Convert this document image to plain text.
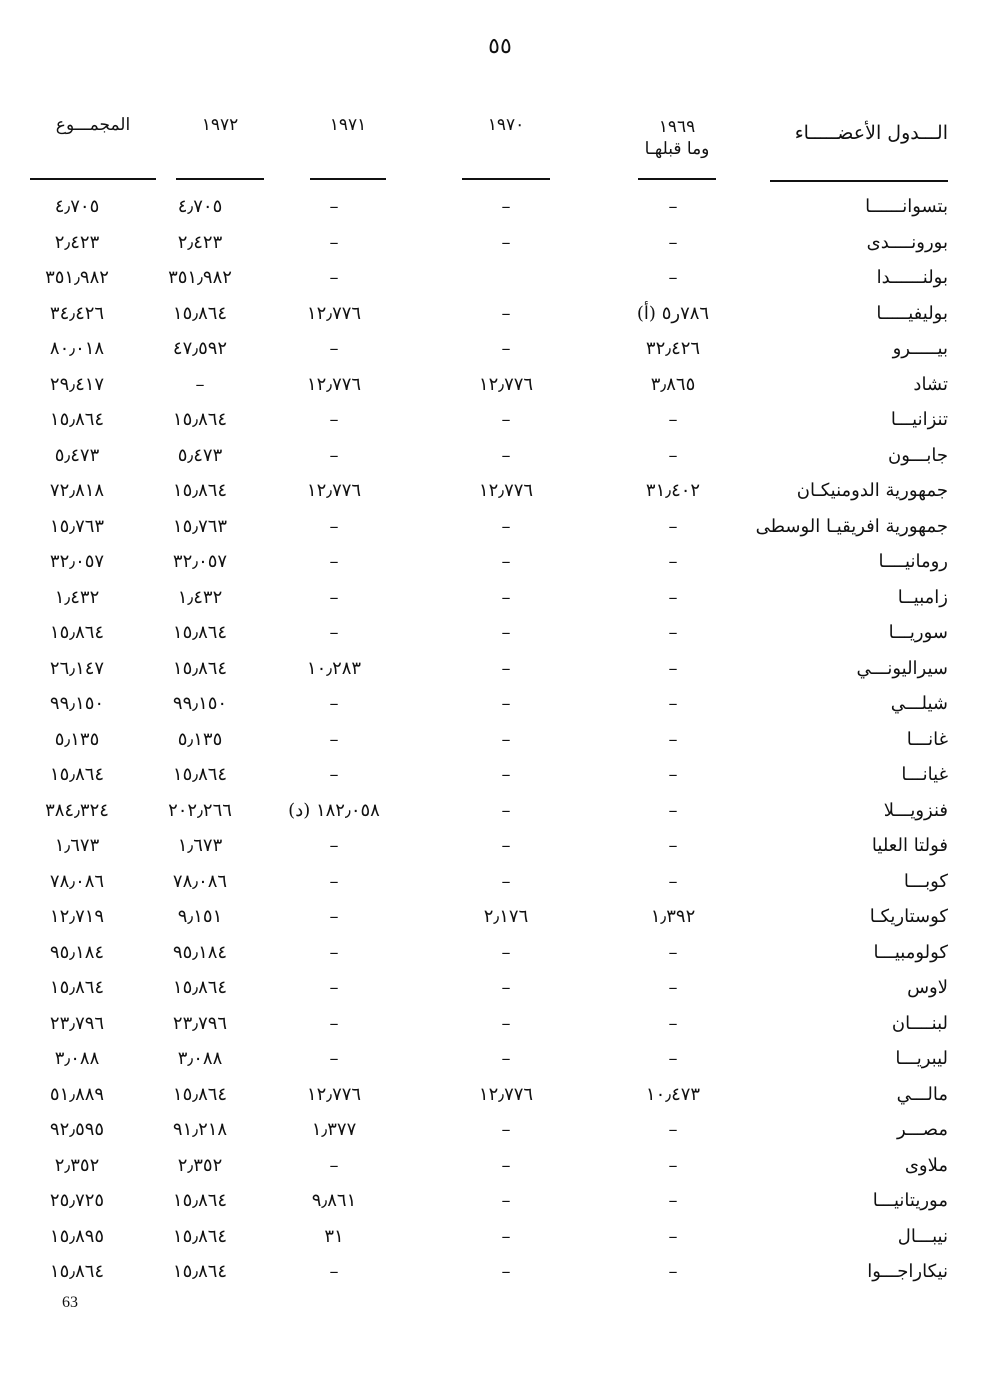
٥٥
الـــدول الأعضـــــاء
١٩٦٩
وما قبلهـا
١٩٧٠
١٩٧١
١٩٧٢
المجمـــوع
بتسوانــــــا
–
–
–
٤٫٧٠٥
٤٫٧٠٥
بورونــــدى
–
–
–
٢٫٤٢٣
٢٫٤٢٣
بولنــــــدا
–
–
٣٥١٫٩٨٢
٣٥١٫٩٨٢
بوليفيـــــا
٧٨٦ر٥ (أ)
–
١٢٫٧٧٦
١٥٫٨٦٤
٣٤٫٤٢٦
بيـــــرو
٣٢٫٤٢٦
–
–
٤٧٫٥٩٢
٨٠٫٠١٨
تشاد
٣٫٨٦٥
١٢٫٧٧٦
١٢٫٧٧٦
–
٢٩٫٤١٧
تنزانيـــا
–
–
–
١٥٫٨٦٤
١٥٫٨٦٤
جابـــون
–
–
–
٥٫٤٧٣
٥٫٤٧٣
جمهورية الدومنيكـان
٣١٫٤٠٢
١٢٫٧٧٦
١٢٫٧٧٦
١٥٫٨٦٤
٧٢٫٨١٨
جمهورية افريقيـا الوسطى
–
–
–
١٥٫٧٦٣
١٥٫٧٦٣
رومانيــــا
–
–
–
٣٢٫٠٥٧
٣٢٫٠٥٧
زامبيــا
–
–
–
١٫٤٣٢
١٫٤٣٢
سوريـــا
–
–
–
١٥٫٨٦٤
١٥٫٨٦٤
سيراليونـــي
–
–
١٠٫٢٨٣
١٥٫٨٦٤
٢٦٫١٤٧
شيلـــي
–
–
–
٩٩٫١٥٠
٩٩٫١٥٠
غانـــا
–
–
–
٥٫١٣٥
٥٫١٣٥
غيانـــا
–
–
–
١٥٫٨٦٤
١٥٫٨٦٤
فنزويـــلا
–
–
١٨٢٫٠٥٨ (د)
٢٠٢٫٢٦٦
٣٨٤٫٣٢٤
فولتا العليا
–
–
–
١٫٦٧٣
١٫٦٧٣
كوبـــا
–
–
–
٧٨٫٠٨٦
٧٨٫٠٨٦
كوستاريكـا
١٫٣٩٢
٢٫١٧٦
–
٩٫١٥١
١٢٫٧١٩
كولومبيـــا
–
–
–
٩٥٫١٨٤
٩٥٫١٨٤
لاوس
–
–
–
١٥٫٨٦٤
١٥٫٨٦٤
لبنــــان
–
–
–
٢٣٫٧٩٦
٢٣٫٧٩٦
ليبريـــا
–
–
–
٣٫٠٨٨
٣٫٠٨٨
مالـــي
١٠٫٤٧٣
١٢٫٧٧٦
١٢٫٧٧٦
١٥٫٨٦٤
٥١٫٨٨٩
مصـــر
–
–
١٫٣٧٧
٩١٫٢١٨
٩٢٫٥٩٥
ملاوى
–
–
–
٢٫٣٥٢
٢٫٣٥٢
موريتانيـــا
–
–
٩٫٨٦١
١٥٫٨٦٤
٢٥٫٧٢٥
نيبـــال
–
–
٣١
١٥٫٨٦٤
١٥٫٨٩٥
نيكاراجـــوا
–
–
–
١٥٫٨٦٤
١٥٫٨٦٤
63
